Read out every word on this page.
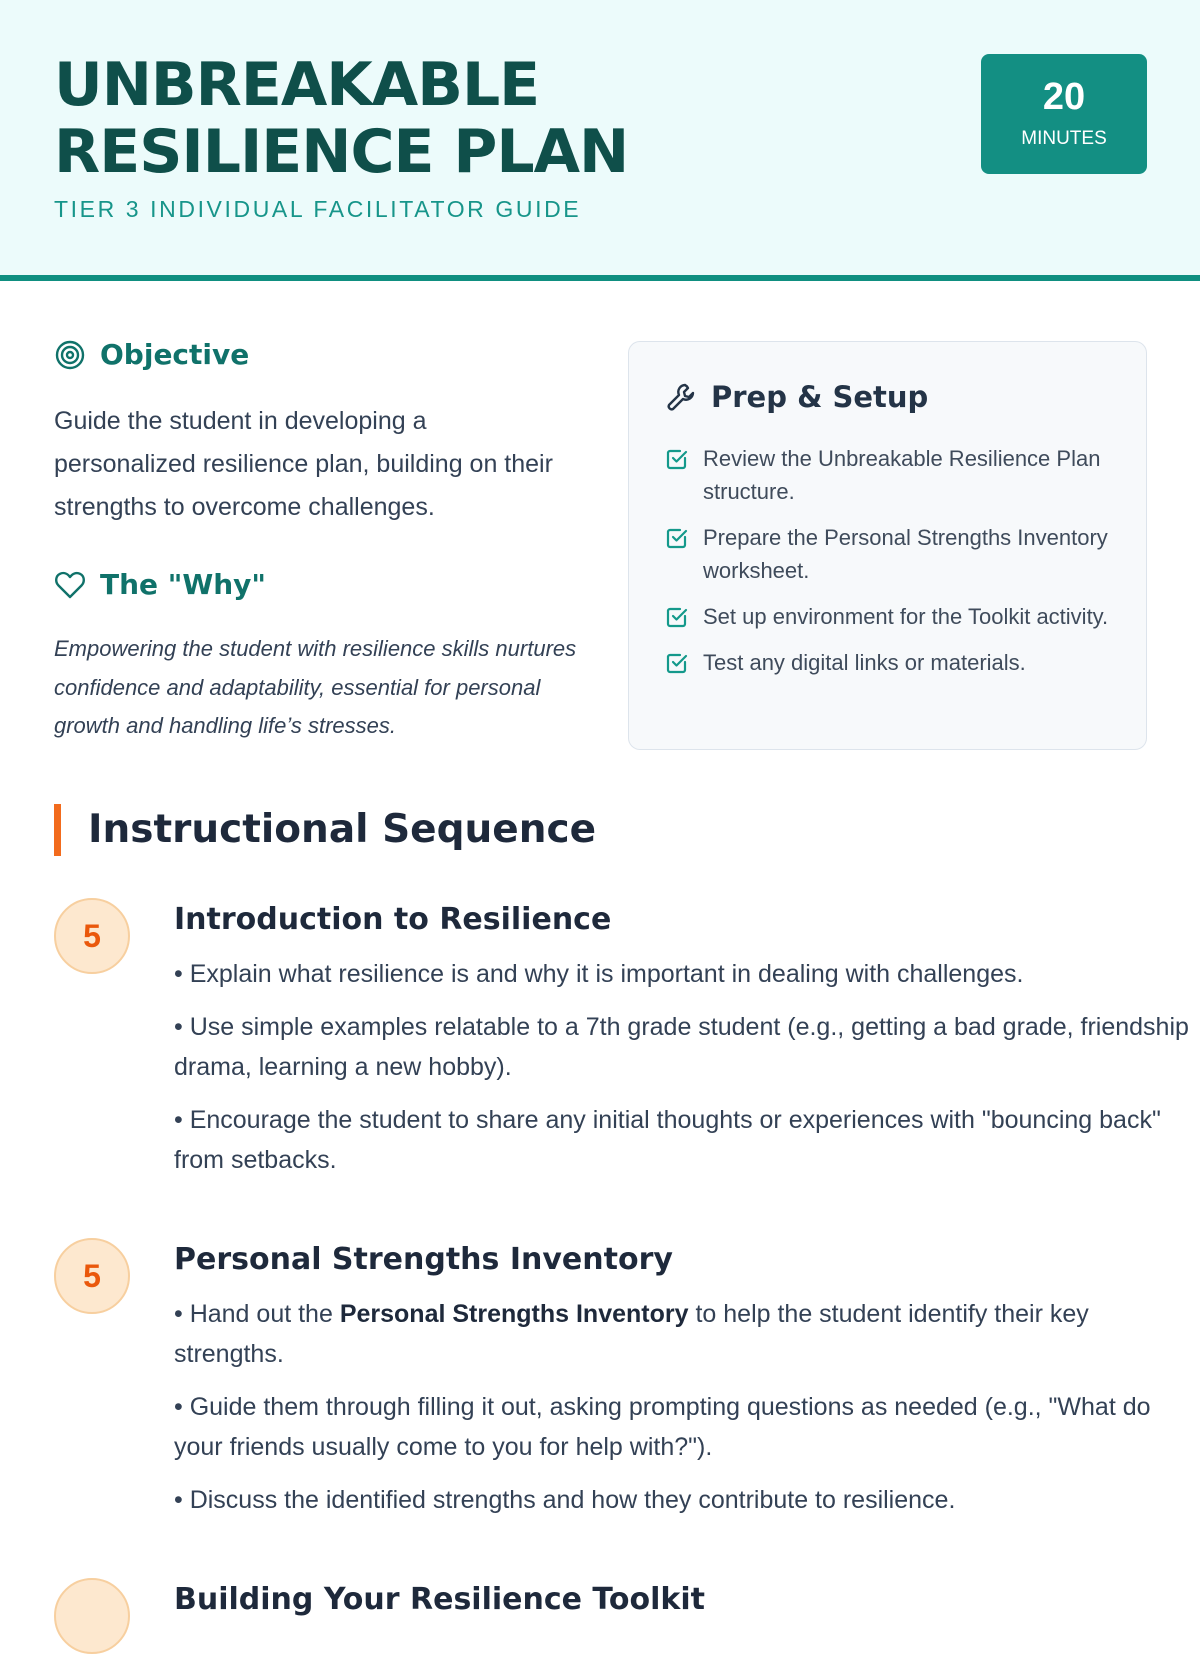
UNBREAKABLE RESILIENCE PLAN
TIER 3 INDIVIDUAL FACILITATOR GUIDE
20
MINUTES
Objective
Guide the student in developing a personalized resilience plan, building on their strengths to overcome challenges.
The "Why"
Empowering the student with resilience skills nurtures confidence and adaptability, essential for personal growth and handling life’s stresses.
Prep & Setup
Review the Unbreakable Resilience Plan structure.
Prepare the Personal Strengths Inventory worksheet.
Set up environment for the Toolkit activity.
Test any digital links or materials.
Instructional Sequence
5	Introduction to Resilience
• Explain what resilience is and why it is important in dealing with challenges.
• Use simple examples relatable to a 7th grade student (e.g., getting a bad grade, friendship drama, learning a new hobby).
• Encourage the student to share any initial thoughts or experiences with "bouncing back" from setbacks.
5	Personal Strengths Inventory
• Hand out the Personal Strengths Inventory to help the student identify their key strengths.
• Guide them through filling it out, asking prompting questions as needed (e.g., "What do your friends usually come to you for help with?").
• Discuss the identified strengths and how they contribute to resilience.
Building Your Resilience Toolkit
